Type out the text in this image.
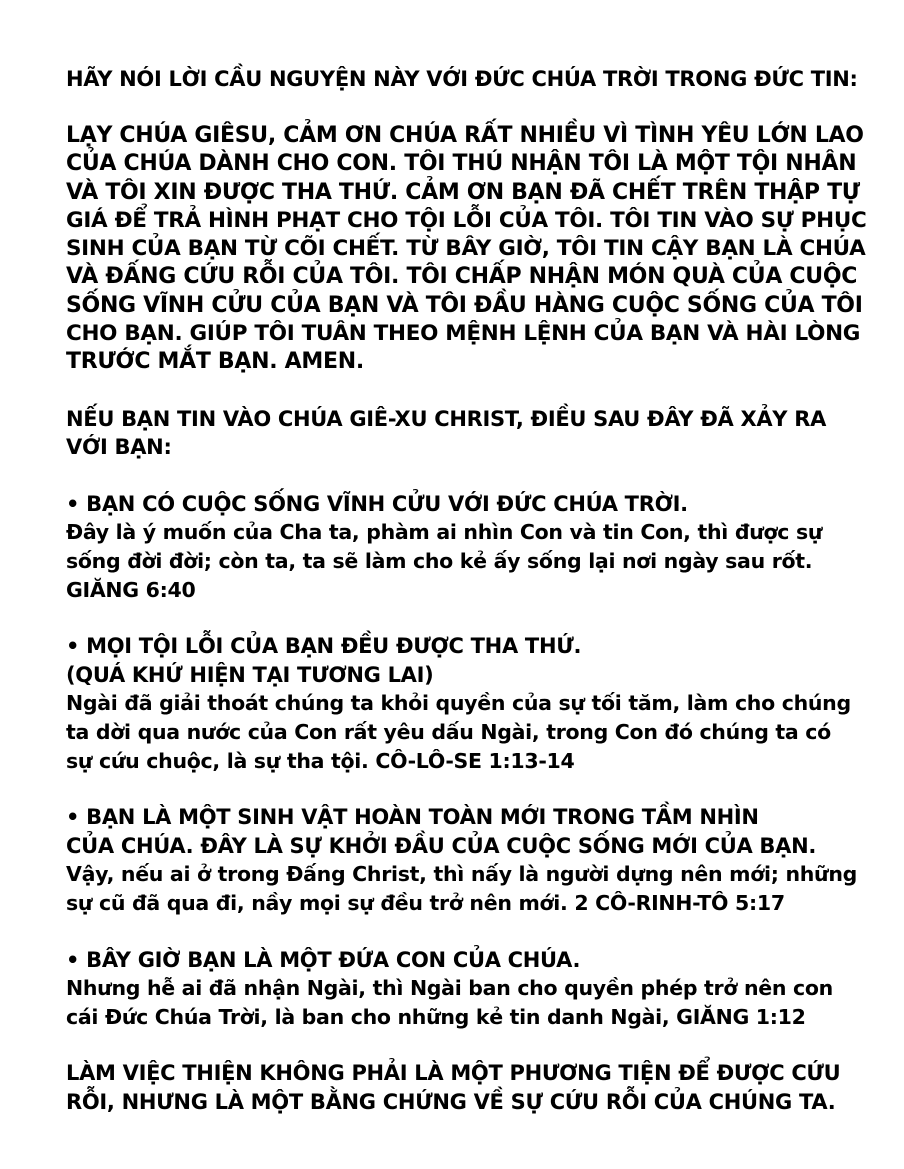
HÃY NÓI LỜI CẦU NGUYỆN NÀY VỚI ĐỨC CHÚA TRỜI TRONG ĐỨC TIN:
LẠY CHÚA GIÊSU, CẢM ƠN CHÚA RẤT NHIỀU VÌ TÌNH YÊU LỚN LAO
CỦA CHÚA DÀNH CHO CON. TÔI THÚ NHẬN TÔI LÀ MỘT TỘI NHÂN
VÀ TÔI XIN ĐƯỢC THA THỨ. CẢM ƠN BẠN ĐÃ CHẾT TRÊN THẬP TỰ
GIÁ ĐỂ TRẢ HÌNH PHẠT CHO TỘI LỖI CỦA TÔI. TÔI TIN VÀO SỰ PHỤC
SINH CỦA BẠN TỪ CÕI CHẾT. TỪ BÂY GIỜ, TÔI TIN CẬY BẠN LÀ CHÚA
VÀ ĐẤNG CỨU RỖI CỦA TÔI. TÔI CHẤP NHẬN MÓN QUÀ CỦA CUỘC
SỐNG VĨNH CỬU CỦA BẠN VÀ TÔI ĐẦU HÀNG CUỘC SỐNG CỦA TÔI
CHO BẠN. GIÚP TÔI TUÂN THEO MỆNH LỆNH CỦA BẠN VÀ HÀI LÒNG
TRƯỚC MẮT BẠN. AMEN.
NẾU BẠN TIN VÀO CHÚA GIÊ-XU CHRIST, ĐIỀU SAU ĐÂY ĐÃ XẢY RA
VỚI BẠN:
• BẠN CÓ CUỘC SỐNG VĨNH CỬU VỚI ĐỨC CHÚA TRỜI.
Đây là ý muốn của Cha ta, phàm ai nhìn Con và tin Con, thì được sự
sống đời đời; còn ta, ta sẽ làm cho kẻ ấy sống lại nơi ngày sau rốt.
GIĂNG 6:40
• MỌI TỘI LỖI CỦA BẠN ĐỀU ĐƯỢC THA THỨ.
(QUÁ KHỨ HIỆN TẠI TƯƠNG LAI)
Ngài đã giải thoát chúng ta khỏi quyền của sự tối tăm, làm cho chúng
ta dời qua nước của Con rất yêu dấu Ngài, trong Con đó chúng ta có
sự cứu chuộc, là sự tha tội. CÔ-LÔ-SE 1:13-14
• BẠN LÀ MỘT SINH VẬT HOÀN TOÀN MỚI TRONG TẦM NHÌN
CỦA CHÚA. ĐÂY LÀ SỰ KHỞI ĐẦU CỦA CUỘC SỐNG MỚI CỦA BẠN.
Vậy, nếu ai ở trong Đấng Christ, thì nấy là người dựng nên mới; những
sự cũ đã qua đi, nầy mọi sự đều trở nên mới. 2 CÔ-RINH-TÔ 5:17
• BÂY GIỜ BẠN LÀ MỘT ĐỨA CON CỦA CHÚA.
Nhưng hễ ai đã nhận Ngài, thì Ngài ban cho quyền phép trở nên con
cái Đức Chúa Trời, là ban cho những kẻ tin danh Ngài, GIĂNG 1:12
LÀM VIỆC THIỆN KHÔNG PHẢI LÀ MỘT PHƯƠNG TIỆN ĐỂ ĐƯỢC CỨU
RỖI, NHƯNG LÀ MỘT BẰNG CHỨNG VỀ SỰ CỨU RỖI CỦA CHÚNG TA.
